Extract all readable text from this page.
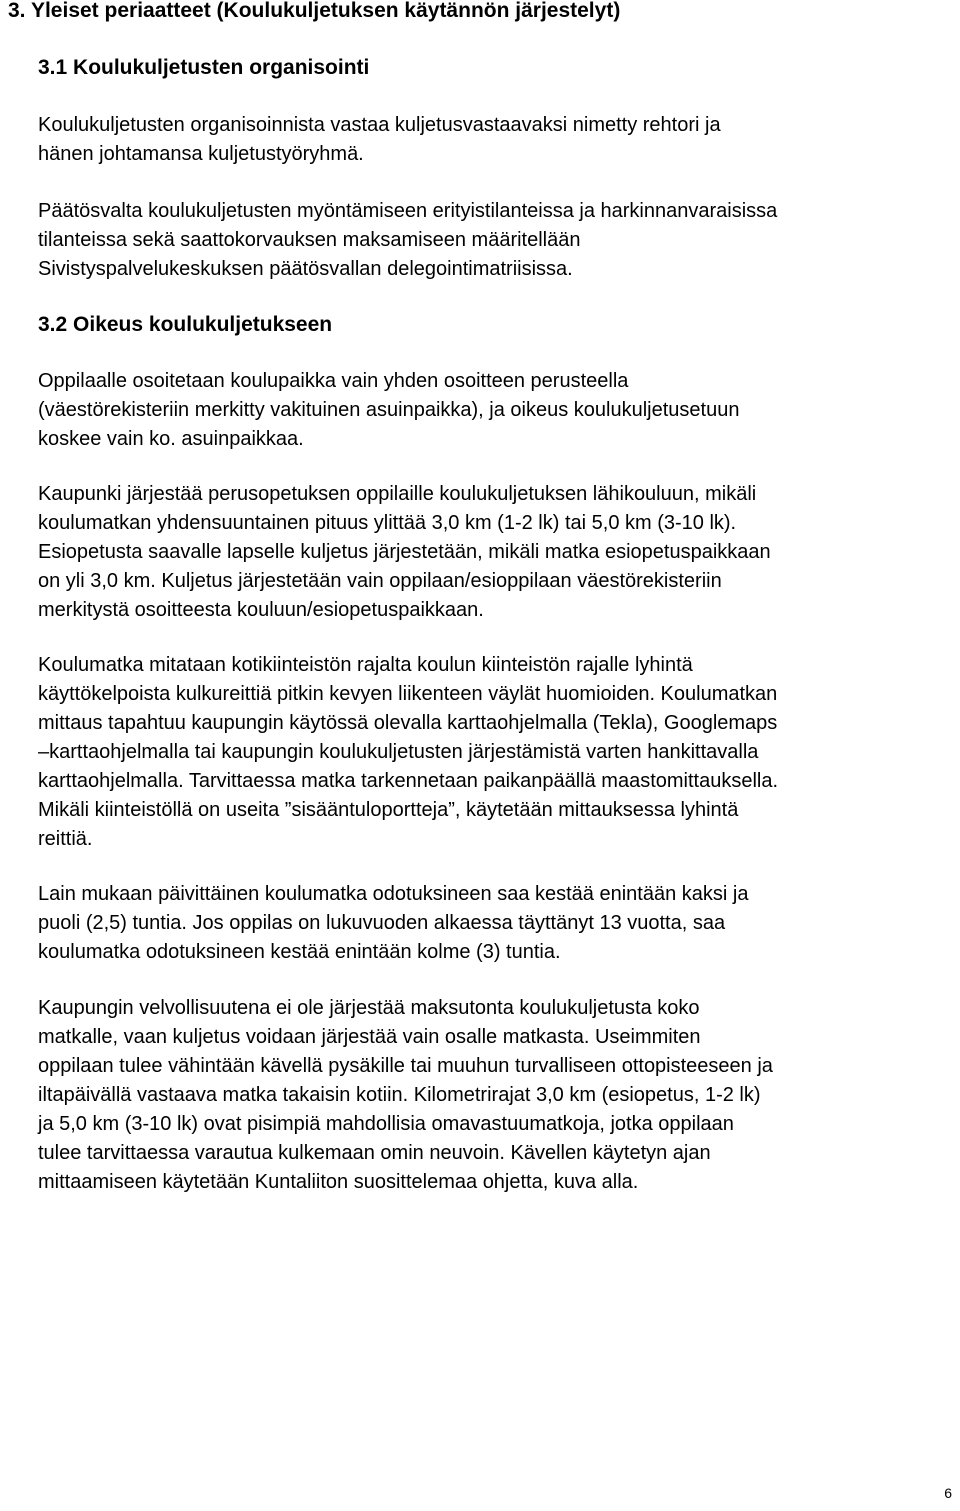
3. Yleiset periaatteet (Koulukuljetuksen käytännön järjestelyt)
3.1 Koulukuljetusten organisointi
Koulukuljetusten organisoinnista vastaa kuljetusvastaavaksi nimetty rehtori ja
hänen johtamansa kuljetustyöryhmä.
Päätösvalta koulukuljetusten myöntämiseen erityistilanteissa ja harkinnanvaraisissa
tilanteissa sekä saattokorvauksen maksamiseen määritellään
Sivistyspalvelukeskuksen päätösvallan delegointimatriisissa.
3.2 Oikeus koulukuljetukseen
Oppilaalle osoitetaan koulupaikka vain yhden osoitteen perusteella
(väestörekisteriin merkitty vakituinen asuinpaikka), ja oikeus koulukuljetusetuun
koskee vain ko. asuinpaikkaa.
Kaupunki järjestää perusopetuksen oppilaille koulukuljetuksen lähikouluun, mikäli
koulumatkan yhdensuuntainen pituus ylittää 3,0 km (1-2 lk) tai 5,0 km (3-10 lk).
Esiopetusta saavalle lapselle kuljetus järjestetään, mikäli matka esiopetuspaikkaan
on yli 3,0 km. Kuljetus järjestetään vain oppilaan/esioppilaan väestörekisteriin
merkitystä osoitteesta kouluun/esiopetuspaikkaan.
Koulumatka mitataan kotikiinteistön rajalta koulun kiinteistön rajalle lyhintä
käyttökelpoista kulkureittiä pitkin kevyen liikenteen väylät huomioiden. Koulumatkan
mittaus tapahtuu kaupungin käytössä olevalla karttaohjelmalla (Tekla), Googlemaps
–karttaohjelmalla tai kaupungin koulukuljetusten järjestämistä varten hankittavalla
karttaohjelmalla. Tarvittaessa matka tarkennetaan paikanpäällä maastomittauksella.
Mikäli kiinteistöllä on useita ”sisääntuloportteja”, käytetään mittauksessa lyhintä
reittiä.
Lain mukaan päivittäinen koulumatka odotuksineen saa kestää enintään kaksi ja
puoli (2,5) tuntia. Jos oppilas on lukuvuoden alkaessa täyttänyt 13 vuotta, saa
koulumatka odotuksineen kestää enintään kolme (3) tuntia.
Kaupungin velvollisuutena ei ole järjestää maksutonta koulukuljetusta koko
matkalle, vaan kuljetus voidaan järjestää vain osalle matkasta. Useimmiten
oppilaan tulee vähintään kävellä pysäkille tai muuhun turvalliseen ottopisteeseen ja
iltapäivällä vastaava matka takaisin kotiin. Kilometrirajat 3,0 km (esiopetus, 1-2 lk)
ja 5,0 km (3-10 lk) ovat pisimpiä mahdollisia omavastuumatkoja, jotka oppilaan
tulee tarvittaessa varautua kulkemaan omin neuvoin. Kävellen käytetyn ajan
mittaamiseen käytetään Kuntaliiton suosittelemaa ohjetta, kuva alla.
6
